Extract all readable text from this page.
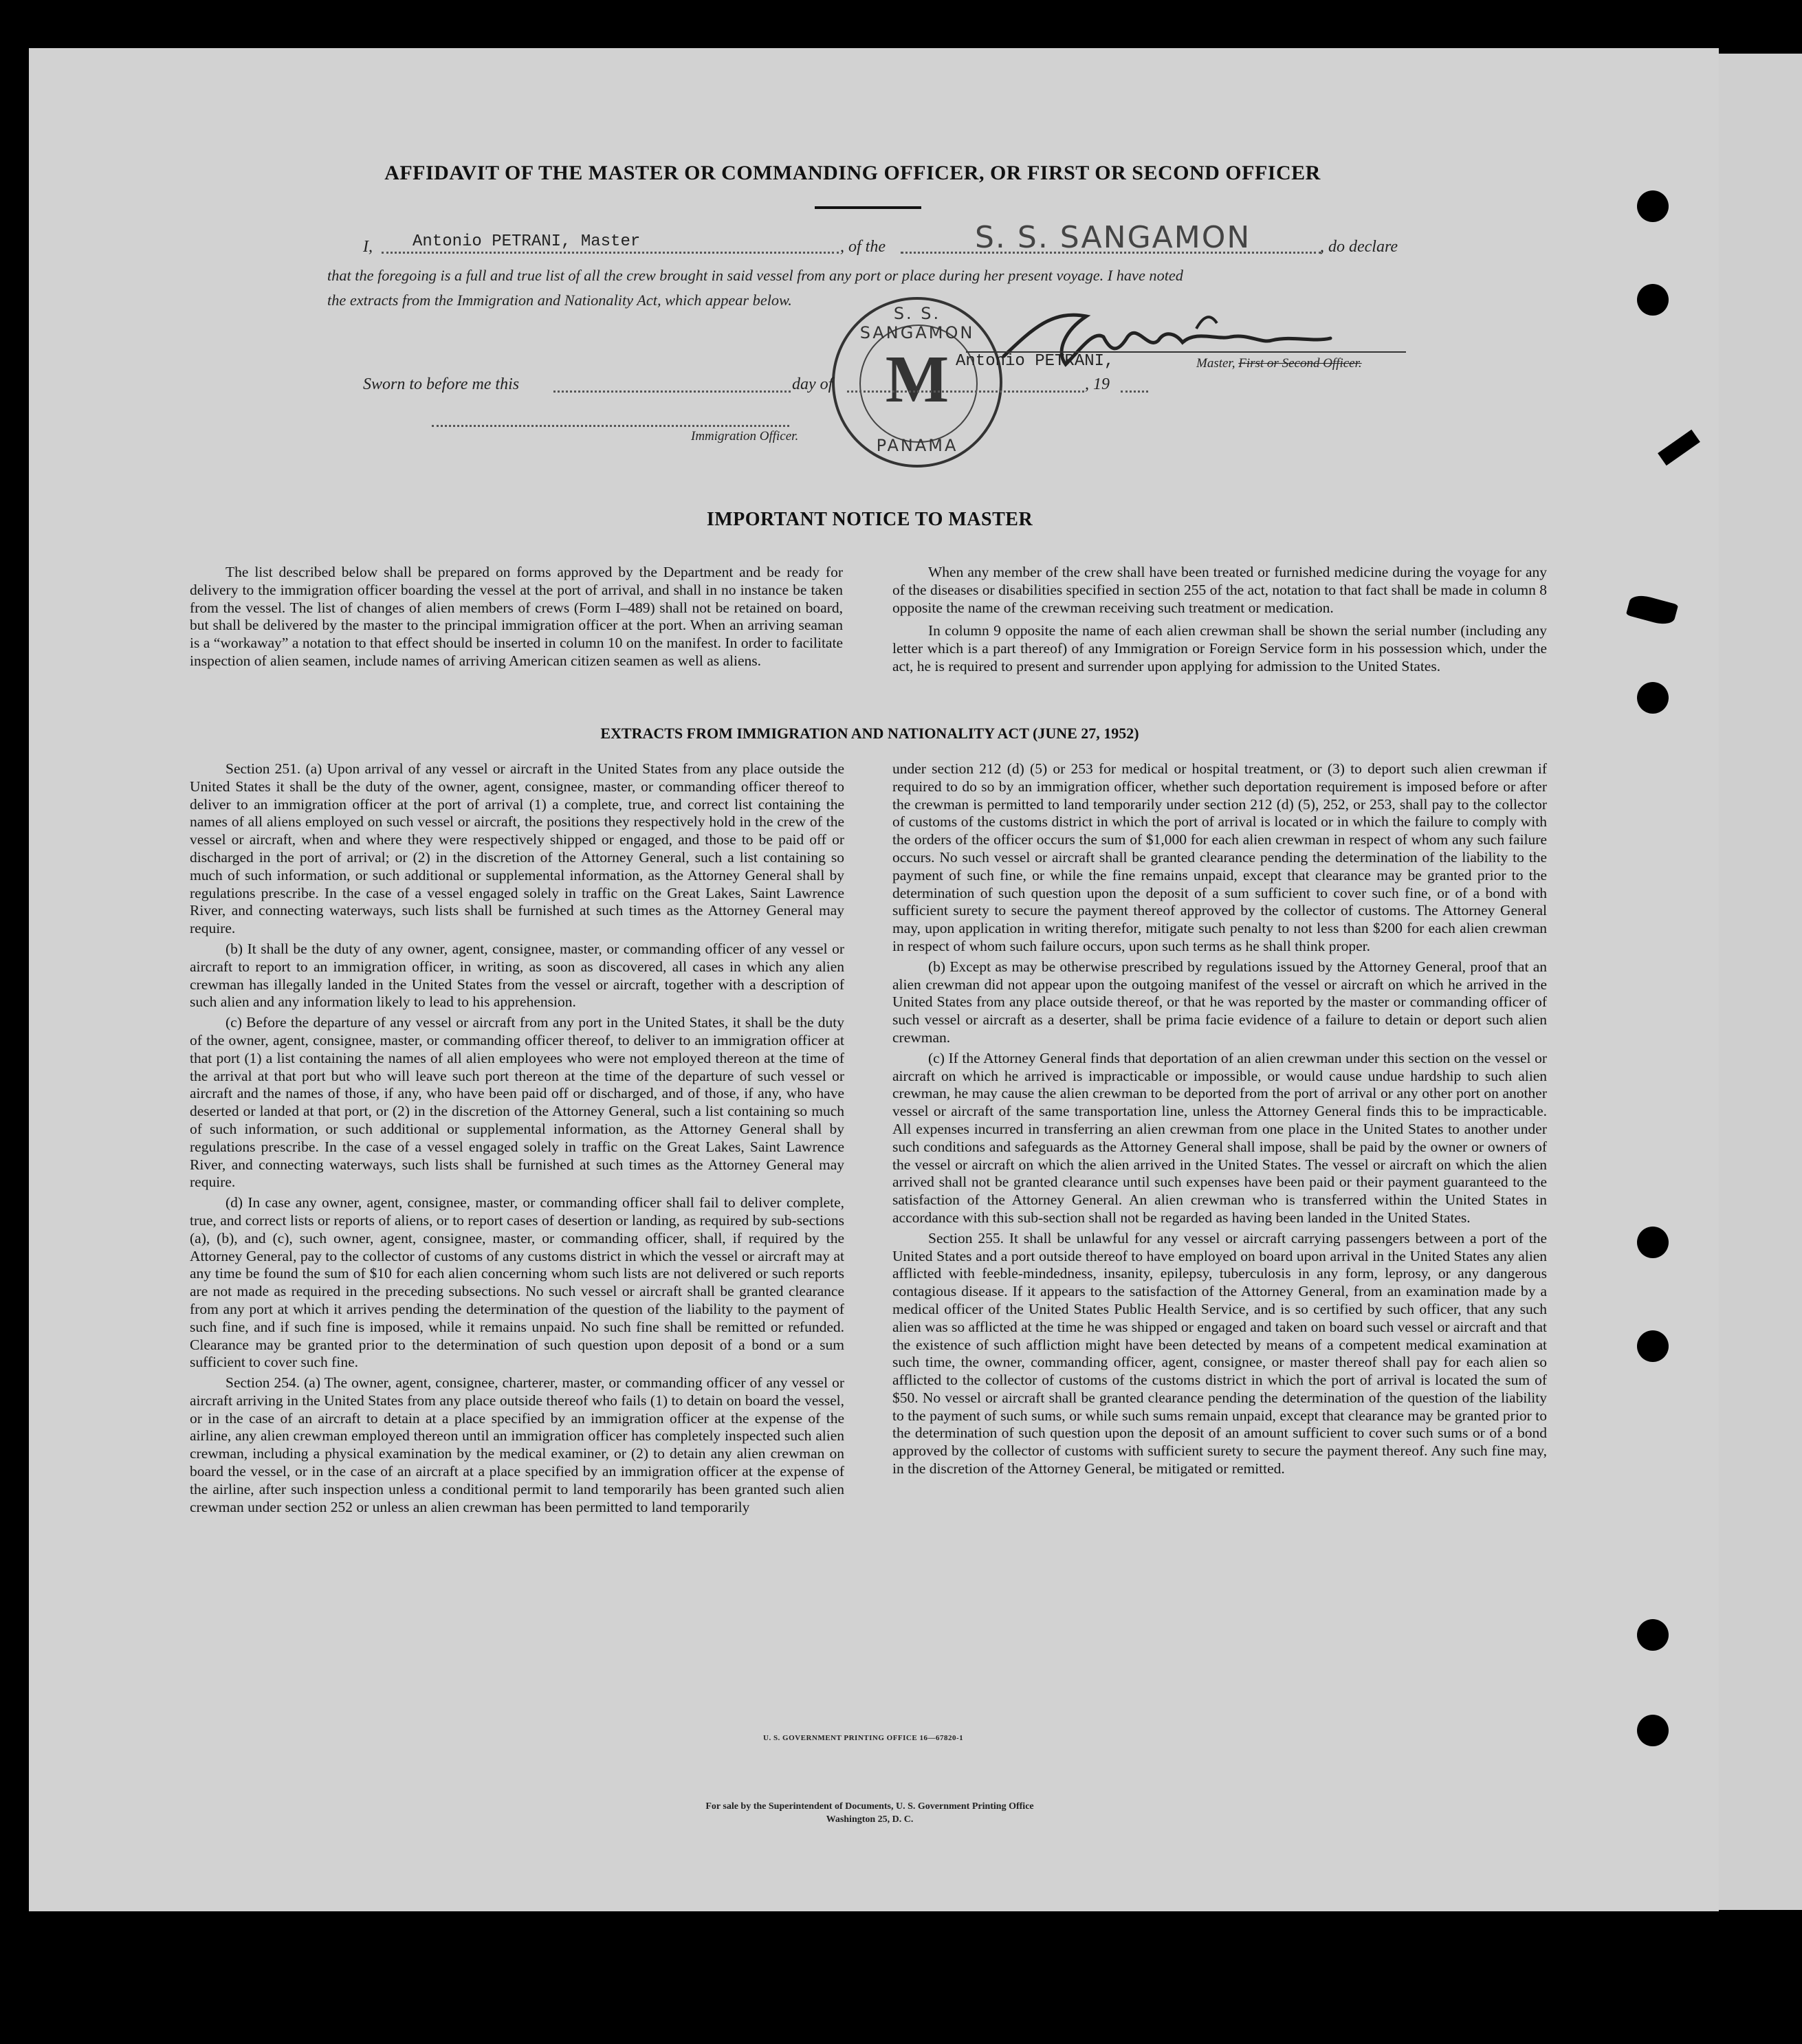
AFFIDAVIT OF THE MASTER OR COMMANDING OFFICER, OR FIRST OR SECOND OFFICER
I, Antonio PETRANI, Master	, of the	S. S. SANGAMON	, do declare
that the foregoing is a full and true list of all the crew brought in said vessel from any port or place during her present voyage. I have noted
the extracts from the Immigration and Nationality Act, which appear below.
S. S. SANGAMON
M
PANAMA
Antonio PETRANI,	Master, First or Second Officer.
Sworn to before me this	day of	, 19
Immigration Officer.
IMPORTANT NOTICE TO MASTER

The list described below shall be prepared on forms approved by the Department and be ready for delivery to the immigration officer boarding the vessel at the port of arrival, and shall in no instance be taken from the vessel. The list of changes of alien members of crews (Form I–489) shall not be retained on board, but shall be delivered by the master to the principal immigration officer at the port. When an arriving seaman is a “workaway” a notation to that effect should be inserted in column 10 on the manifest. In order to facilitate inspection of alien seamen, include names of arriving American citizen seamen as well as aliens.

When any member of the crew shall have been treated or furnished medicine during the voyage for any of the diseases or disabilities specified in section 255 of the act, notation to that fact shall be made in column 8 opposite the name of the crewman receiving such treatment or medication.

In column 9 opposite the name of each alien crewman shall be shown the serial number (including any letter which is a part thereof) of any Immigration or Foreign Service form in his possession which, under the act, he is required to present and surrender upon applying for admission to the United States.

EXTRACTS FROM IMMIGRATION AND NATIONALITY ACT (JUNE 27, 1952)

Section 251. (a) Upon arrival of any vessel or aircraft in the United States from any place outside the United States it shall be the duty of the owner, agent, consignee, master, or commanding officer thereof to deliver to an immigration officer at the port of arrival (1) a complete, true, and correct list containing the names of all aliens employed on such vessel or aircraft, the positions they respectively hold in the crew of the vessel or aircraft, when and where they were respectively shipped or engaged, and those to be paid off or discharged in the port of arrival; or (2) in the discretion of the Attorney General, such a list containing so much of such information, or such additional or supplemental information, as the Attorney General shall by regulations prescribe. In the case of a vessel engaged solely in traffic on the Great Lakes, Saint Lawrence River, and connecting waterways, such lists shall be furnished at such times as the Attorney General may require.

(b) It shall be the duty of any owner, agent, consignee, master, or commanding officer of any vessel or aircraft to report to an immigration officer, in writing, as soon as discovered, all cases in which any alien crewman has illegally landed in the United States from the vessel or aircraft, together with a description of such alien and any information likely to lead to his apprehension.

(c) Before the departure of any vessel or aircraft from any port in the United States, it shall be the duty of the owner, agent, consignee, master, or commanding officer thereof, to deliver to an immigration officer at that port (1) a list containing the names of all alien employees who were not employed thereon at the time of the arrival at that port but who will leave such port thereon at the time of the departure of such vessel or aircraft and the names of those, if any, who have been paid off or discharged, and of those, if any, who have deserted or landed at that port, or (2) in the discretion of the Attorney General, such a list containing so much of such information, or such additional or supplemental information, as the Attorney General shall by regulations prescribe. In the case of a vessel engaged solely in traffic on the Great Lakes, Saint Lawrence River, and connecting waterways, such lists shall be furnished at such times as the Attorney General may require.

(d) In case any owner, agent, consignee, master, or commanding officer shall fail to deliver complete, true, and correct lists or reports of aliens, or to report cases of desertion or landing, as required by sub-sections (a), (b), and (c), such owner, agent, consignee, master, or commanding officer, shall, if required by the Attorney General, pay to the collector of customs of any customs district in which the vessel or aircraft may at any time be found the sum of $10 for each alien concerning whom such lists are not delivered or such reports are not made as required in the preceding subsections. No such vessel or aircraft shall be granted clearance from any port at which it arrives pending the determination of the question of the liability to the payment of such fine, and if such fine is imposed, while it remains unpaid. No such fine shall be remitted or refunded. Clearance may be granted prior to the determination of such question upon deposit of a bond or a sum sufficient to cover such fine.

Section 254. (a) The owner, agent, consignee, charterer, master, or commanding officer of any vessel or aircraft arriving in the United States from any place outside thereof who fails (1) to detain on board the vessel, or in the case of an aircraft to detain at a place specified by an immigration officer at the expense of the airline, any alien crewman employed thereon until an immigration officer has completely inspected such alien crewman, including a physical examination by the medical examiner, or (2) to detain any alien crewman on board the vessel, or in the case of an aircraft at a place specified by an immigration officer at the expense of the airline, after such inspection unless a conditional permit to land temporarily has been granted such alien crewman under section 252 or unless an alien crewman has been permitted to land temporarily

under section 212 (d) (5) or 253 for medical or hospital treatment, or (3) to deport such alien crewman if required to do so by an immigration officer, whether such deportation requirement is imposed before or after the crewman is permitted to land temporarily under section 212 (d) (5), 252, or 253, shall pay to the collector of customs of the customs district in which the port of arrival is located or in which the failure to comply with the orders of the officer occurs the sum of $1,000 for each alien crewman in respect of whom any such failure occurs. No such vessel or aircraft shall be granted clearance pending the determination of the liability to the payment of such fine, or while the fine remains unpaid, except that clearance may be granted prior to the determination of such question upon the deposit of a sum sufficient to cover such fine, or of a bond with sufficient surety to secure the payment thereof approved by the collector of customs. The Attorney General may, upon application in writing therefor, mitigate such penalty to not less than $200 for each alien crewman in respect of whom such failure occurs, upon such terms as he shall think proper.

(b) Except as may be otherwise prescribed by regulations issued by the Attorney General, proof that an alien crewman did not appear upon the outgoing manifest of the vessel or aircraft on which he arrived in the United States from any place outside thereof, or that he was reported by the master or commanding officer of such vessel or aircraft as a deserter, shall be prima facie evidence of a failure to detain or deport such alien crewman.

(c) If the Attorney General finds that deportation of an alien crewman under this section on the vessel or aircraft on which he arrived is impracticable or impossible, or would cause undue hardship to such alien crewman, he may cause the alien crewman to be deported from the port of arrival or any other port on another vessel or aircraft of the same transportation line, unless the Attorney General finds this to be impracticable. All expenses incurred in transferring an alien crewman from one place in the United States to another under such conditions and safeguards as the Attorney General shall impose, shall be paid by the owner or owners of the vessel or aircraft on which the alien arrived in the United States. The vessel or aircraft on which the alien arrived shall not be granted clearance until such expenses have been paid or their payment guaranteed to the satisfaction of the Attorney General. An alien crewman who is transferred within the United States in accordance with this sub-section shall not be regarded as having been landed in the United States.

Section 255. It shall be unlawful for any vessel or aircraft carrying passengers between a port of the United States and a port outside thereof to have employed on board upon arrival in the United States any alien afflicted with feeble-mindedness, insanity, epilepsy, tuberculosis in any form, leprosy, or any dangerous contagious disease. If it appears to the satisfaction of the Attorney General, from an examination made by a medical officer of the United States Public Health Service, and is so certified by such officer, that any such alien was so afflicted at the time he was shipped or engaged and taken on board such vessel or aircraft and that the existence of such affliction might have been detected by means of a competent medical examination at such time, the owner, commanding officer, agent, consignee, or master thereof shall pay for each alien so afflicted to the collector of customs of the customs district in which the port of arrival is located the sum of $50. No vessel or aircraft shall be granted clearance pending the determination of the question of the liability to the payment of such sums, or while such sums remain unpaid, except that clearance may be granted prior to the determination of such question upon the deposit of an amount sufficient to cover such sums or of a bond approved by the collector of customs with sufficient surety to secure the payment thereof. Any such fine may, in the discretion of the Attorney General, be mitigated or remitted.

U. S. GOVERNMENT PRINTING OFFICE 16—67820-1
For sale by the Superintendent of Documents, U. S. Government Printing Office
Washington 25, D. C.
